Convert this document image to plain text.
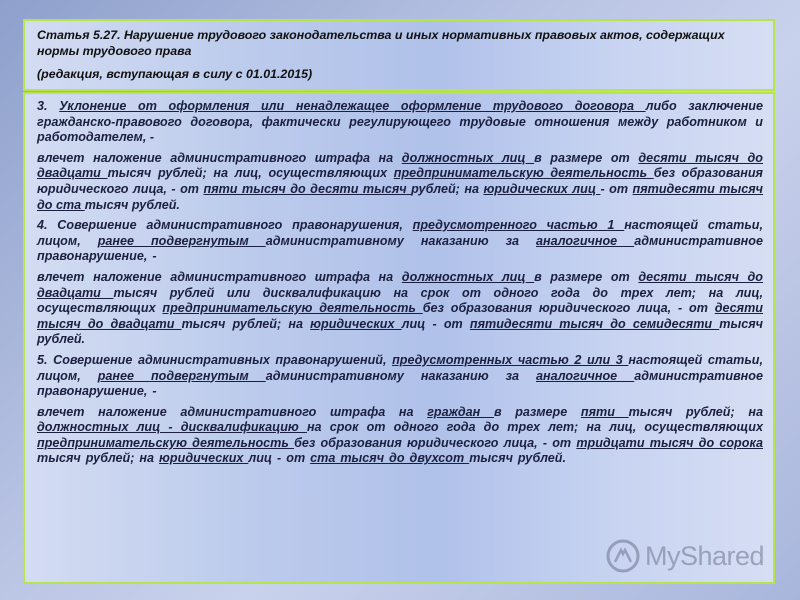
Статья 5.27. Нарушение трудового законодательства и иных нормативных правовых актов, содержащих нормы трудового права

(редакция, вступающая в силу с 01.01.2015)

3. Уклонение от оформления или ненадлежащее оформление трудового договора либо заключение гражданско-правового договора, фактически регулирующего трудовые отношения между работником и работодателем, -

влечет наложение административного штрафа на должностных лиц в размере от десяти тысяч до двадцати тысяч рублей; на лиц, осуществляющих предпринимательскую деятельность без образования юридического лица, - от пяти тысяч до десяти тысяч рублей; на юридических лиц - от пятидесяти тысяч до ста тысяч рублей.

4. Совершение административного правонарушения, предусмотренного частью 1 настоящей статьи, лицом, ранее подвергнутым административному наказанию за аналогичное административное правонарушение, -

влечет наложение административного штрафа на должностных лиц в размере от десяти тысяч до двадцати тысяч рублей или дисквалификацию на срок от одного года до трех лет; на лиц, осуществляющих предпринимательскую деятельность без образования юридического лица, - от десяти тысяч до двадцати тысяч рублей; на юридических лиц - от пятидесяти тысяч до семидесяти тысяч рублей.

5. Совершение административных правонарушений, предусмотренных частью 2 или 3 настоящей статьи, лицом, ранее подвергнутым административному наказанию за аналогичное административное правонарушение, -

влечет наложение административного штрафа на граждан в размере пяти тысяч рублей; на должностных лиц - дисквалификацию на срок от одного года до трех лет; на лиц, осуществляющих предпринимательскую деятельность без образования юридического лица, - от тридцати тысяч до сорока тысяч рублей; на юридических лиц - от ста тысяч до двухсот тысяч рублей.

MyShared
